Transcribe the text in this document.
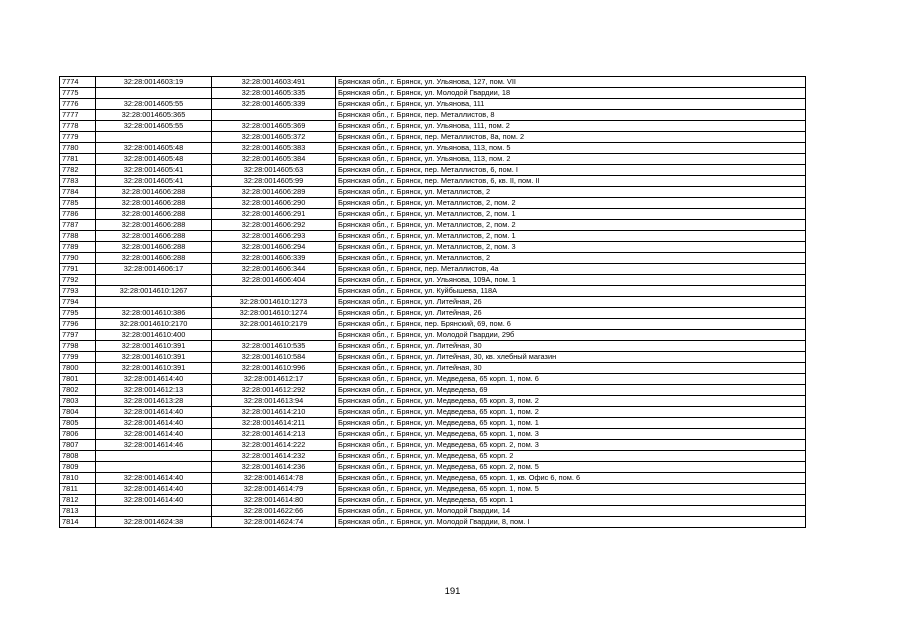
7774	32:28:0014603:19	32:28:0014603:491	Брянская обл., г. Брянск, ул. Ульянова, 127, пом. VII
7775		32:28:0014605:335	Брянская обл., г. Брянск, ул. Молодой Гвардии, 18
7776	32:28:0014605:55	32:28:0014605:339	Брянская обл., г. Брянск, ул. Ульянова, 111
7777	32:28:0014605:365		Брянская обл., г. Брянск, пер. Металлистов, 8
7778	32:28:0014605:55	32:28:0014605:369	Брянская обл., г. Брянск, ул. Ульянова, 111, пом. 2
7779		32:28:0014605:372	Брянская обл., г. Брянск, пер. Металлистов, 8а, пом. 2
7780	32:28:0014605:48	32:28:0014605:383	Брянская обл., г. Брянск, ул. Ульянова, 113, пом. 5
7781	32:28:0014605:48	32:28:0014605:384	Брянская обл., г. Брянск, ул. Ульянова, 113, пом. 2
7782	32:28:0014605:41	32:28:0014605:63	Брянская обл., г. Брянск, пер. Металлистов, 6, пом. I
7783	32:28:0014605:41	32:28:0014605:99	Брянская обл., г. Брянск, пер. Металлистов, 6, кв. II, пом. II
7784	32:28:0014606:288	32:28:0014606:289	Брянская обл., г. Брянск, ул. Металлистов, 2
7785	32:28:0014606:288	32:28:0014606:290	Брянская обл., г. Брянск, ул. Металлистов, 2, пом. 2
7786	32:28:0014606:288	32:28:0014606:291	Брянская обл., г. Брянск, ул. Металлистов, 2, пом. 1
7787	32:28:0014606:288	32:28:0014606:292	Брянская обл., г. Брянск, ул. Металлистов, 2, пом. 2
7788	32:28:0014606:288	32:28:0014606:293	Брянская обл., г. Брянск, ул. Металлистов, 2, пом. 1
7789	32:28:0014606:288	32:28:0014606:294	Брянская обл., г. Брянск, ул. Металлистов, 2, пом. 3
7790	32:28:0014606:288	32:28:0014606:339	Брянская обл., г. Брянск, ул. Металлистов, 2
7791	32:28:0014606:17	32:28:0014606:344	Брянская обл., г. Брянск, пер. Металлистов, 4а
7792		32:28:0014606:404	Брянская обл., г. Брянск, ул. Ульянова, 109А, пом. 1
7793	32:28:0014610:1267		Брянская обл., г. Брянск, ул. Куйбышева, 118А
7794		32:28:0014610:1273	Брянская обл., г. Брянск, ул. Литейная, 26
7795	32:28:0014610:386	32:28:0014610:1274	Брянская обл., г. Брянск, ул. Литейная, 26
7796	32:28:0014610:2170	32:28:0014610:2179	Брянская обл., г. Брянск, пер. Брянский, 69, пом. 6
7797	32:28:0014610:400		Брянская обл., г. Брянск, ул. Молодой Гвардии, 29б
7798	32:28:0014610:391	32:28:0014610:535	Брянская обл., г. Брянск, ул. Литейная, 30
7799	32:28:0014610:391	32:28:0014610:584	Брянская обл., г. Брянск, ул. Литейная, 30, кв. хлебный магазин
7800	32:28:0014610:391	32:28:0014610:996	Брянская обл., г. Брянск, ул. Литейная, 30
7801	32:28:0014614:40	32:28:0014612:17	Брянская обл., г. Брянск, ул. Медведева, 65 корп. 1, пом. 6
7802	32:28:0014612:13	32:28:0014612:292	Брянская обл., г. Брянск, ул. Медведева, 69
7803	32:28:0014613:28	32:28:0014613:94	Брянская обл., г. Брянск, ул. Медведева, 65 корп. 3, пом. 2
7804	32:28:0014614:40	32:28:0014614:210	Брянская обл., г. Брянск, ул. Медведева, 65 корп. 1, пом. 2
7805	32:28:0014614:40	32:28:0014614:211	Брянская обл., г. Брянск, ул. Медведева, 65 корп. 1, пом. 1
7806	32:28:0014614:40	32:28:0014614:213	Брянская обл., г. Брянск, ул. Медведева, 65 корп. 1, пом. 3
7807	32:28:0014614:46	32:28:0014614:222	Брянская обл., г. Брянск, ул. Медведева, 65 корп. 2, пом. 3
7808		32:28:0014614:232	Брянская обл., г. Брянск, ул. Медведева, 65 корп. 2
7809		32:28:0014614:236	Брянская обл., г. Брянск, ул. Медведева, 65 корп. 2, пом. 5
7810	32:28:0014614:40	32:28:0014614:78	Брянская обл., г. Брянск, ул. Медведева, 65 корп. 1, кв. Офис 6, пом. 6
7811	32:28:0014614:40	32:28:0014614:79	Брянская обл., г. Брянск, ул. Медведева, 65 корп. 1, пом. 5
7812	32:28:0014614:40	32:28:0014614:80	Брянская обл., г. Брянск, ул. Медведева, 65 корп. 1
7813		32:28:0014622:66	Брянская обл., г. Брянск, ул. Молодой Гвардии, 14
7814	32:28:0014624:38	32:28:0014624:74	Брянская обл., г. Брянск, ул. Молодой Гвардии, 8, пом. I
191
